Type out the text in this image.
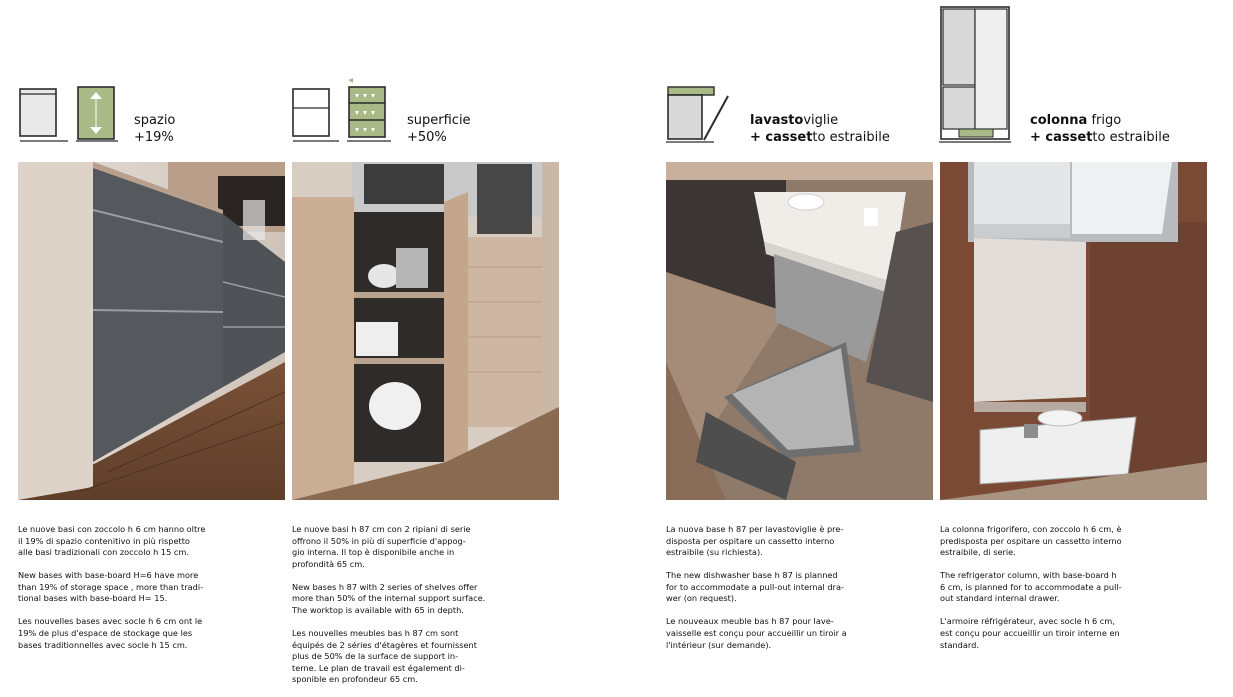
spazio
+19%

Le nuove basi con zoccolo h 6 cm hanno oltre
il 19% di spazio contenitivo in più rispetto
alle basi tradizionali con zoccolo h 15 cm.

New bases with base-board H=6 have more
than 19% of storage space , more than tradi-
tional bases with base-board H= 15.

Les nouvelles bases avec socle h 6 cm ont le
19% de plus d'espace de stockage que les
bases traditionnelles avec socle h 15 cm.

superficie
+50%

Le nuove basi h 87 cm con 2 ripiani di serie
offrono il 50% in più di superficie d'appog-
gio interna. Il top è disponibile anche in
profondità 65 cm.

New bases h 87 with 2 series of shelves offer
more than 50% of the internal support surface.
The worktop is available with 65 in depth.

Les nouvelles meubles bas h 87 cm sont
équipés de 2 séries d'étagères et fournissent
plus de 50% de la surface de support in-
terne. Le plan de travail est également di-
sponible en profondeur 65 cm.

lavastoviglie
+ cassetto estraibile

La nuova base h 87 per lavastoviglie è pre-
disposta per ospitare un cassetto interno
estraibile (su richiesta).

The new dishwasher base h 87 is planned
for to accommodate a pull-out internal dra-
wer (on request).

Le nouveaux meuble bas h 87 pour lave-
vaisselle est conçu pour accueillir un tiroir a
l'intérieur (sur demande).

colonna frigo
+ cassetto estraibile

La colonna frigorifero, con zoccolo h 6 cm, è
predisposta per ospitare un cassetto interno
estraibile, di serie.

The refrigerator column, with base-board h
6 cm, is planned for to accommodate a pull-
out standard internal drawer.

L'armoire réfrigérateur, avec socle h 6 cm,
est conçu pour accueillir un tiroir interne en
standard.
